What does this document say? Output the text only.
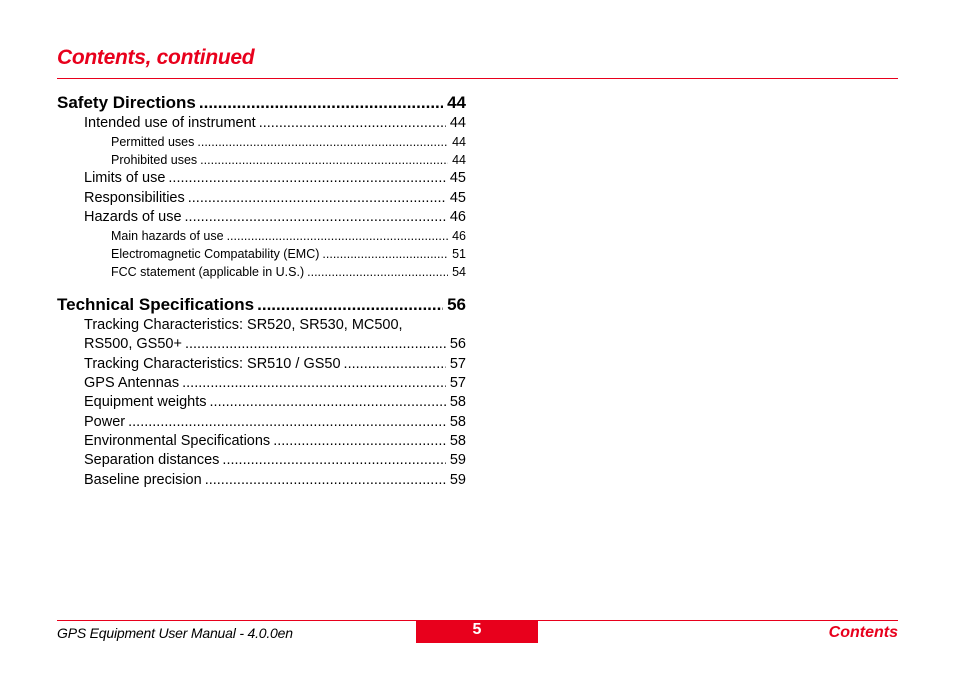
Contents, continued
Safety Directions .....	44
Intended use of instrument .....	44
Permitted uses .....	44
Prohibited uses .....	44
Limits of use .....	45
Responsibilities .....	45
Hazards of use .....	46
Main hazards of use .....	46
Electromagnetic Compatability (EMC) .....	51
FCC statement (applicable in U.S.) .....	54
Technical Specifications .....	56
Tracking Characteristics: SR520, SR530, MC500,
RS500, GS50+ .....	56
Tracking Characteristics: SR510 / GS50 .....	57
GPS Antennas .....	57
Equipment weights .....	58
Power .....	58
Environmental Specifications .....	58
Separation distances .....	59
Baseline precision .....	59
GPS Equipment User Manual - 4.0.0en	5	Contents
